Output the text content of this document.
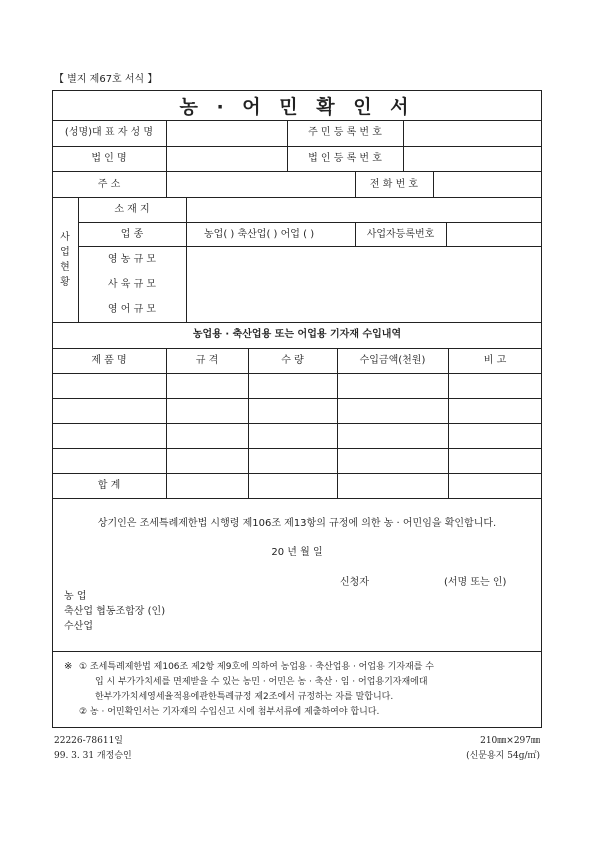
【 별지 제67호 서식 】
농 · 어 민 확 인 서
(성명)대 표 자 성 명	주 민 등 록 번 호
법 인 명	법 인 등 록 번 호
주 소	전 화 번 호
사
업
현
황
소 재 지
업 종	농업( ) 축산업( ) 어업 ( )	사업자등록번호
영 농 규 모
사 육 규 모
영 어 규 모
농업용 · 축산업용 또는 어업용 기자재 수입내역
제 품 명	규 격	수 량	수입금액(천원)	비 고
합 계
상기인은 조세특례제한법 시행령 제106조 제13항의 규정에 의한 농 · 어민임을 확인합니다.
20 년 월 일
신청자	(서명 또는 인)
농 업
축산업 협동조합장 (인)
수산업
※ ① 조세특례제한법 제106조 제2항 제9호에 의하여 농업용 · 축산업용 · 어업용 기자재를 수
입 시 부가가치세를 면제받을 수 있는 농민 · 어민은 농 · 축산 · 임 · 어업용기자재에대
한부가가치세영세율적용에관한특례규정 제2조에서 규정하는 자를 말합니다.
② 농 · 어민확인서는 기자재의 수입신고 시에 첨부서류에 제출하여야 합니다.
22226-78611일
99. 3. 31 개정승인
210㎜×297㎜
(신문용지 54g/㎡)
